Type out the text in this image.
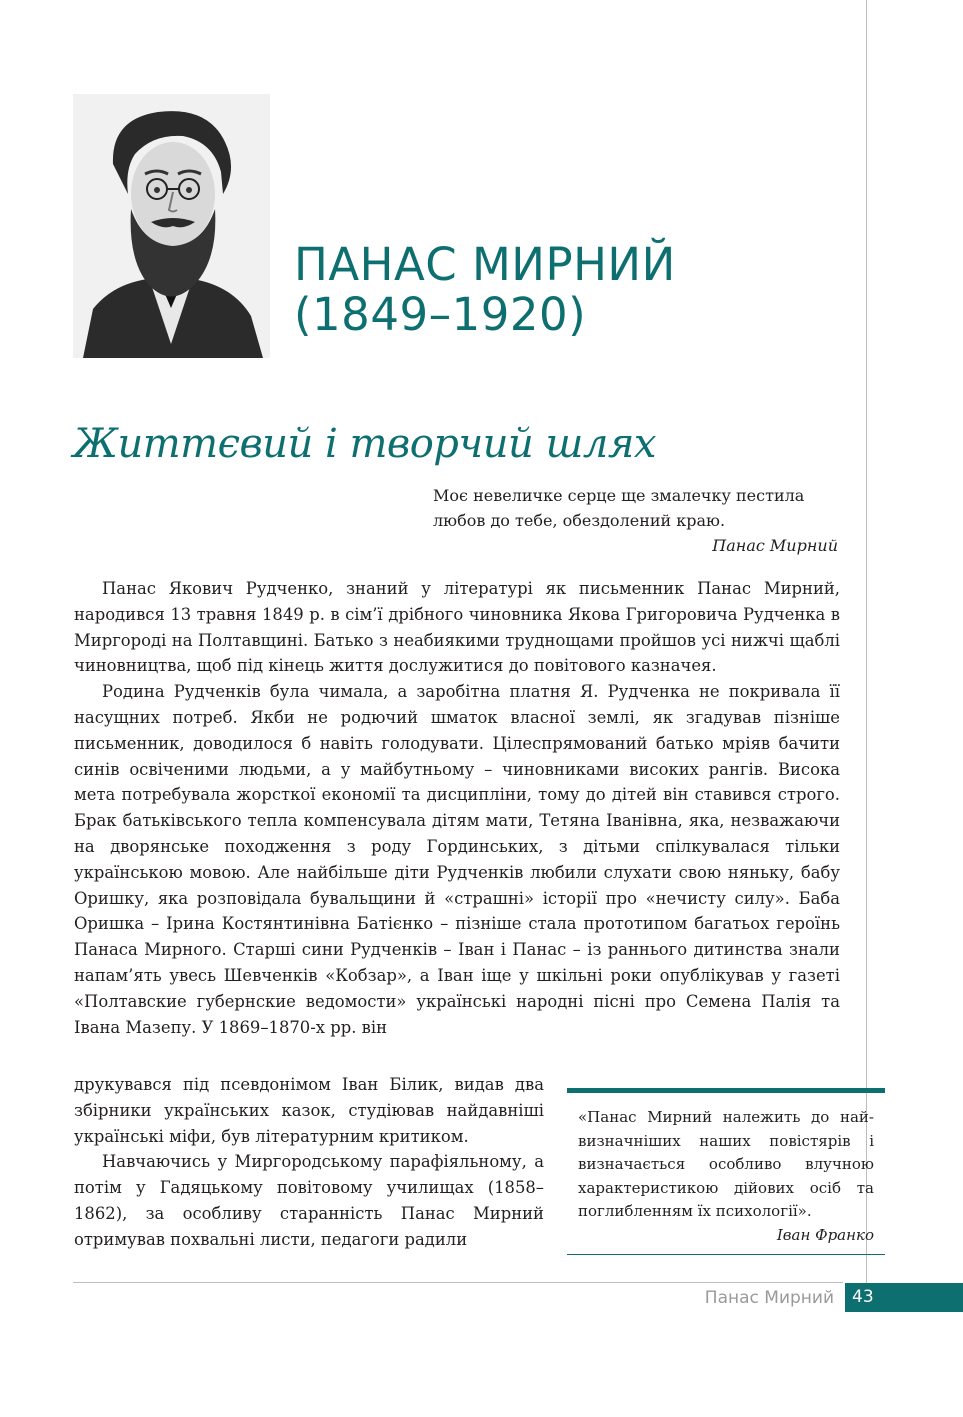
ПАНАС МИРНИЙ
(1849–1920)
Життєвий і творчий шлях
Моє невеличке серце ще змалечку пестила
любов до тебе, обездолений краю.
Панас Мирний

Панас Якович Рудченко, знаний у літературі як письменник Панас Мирний, народився 13 травня 1849 р. в сім’ї дрібного чиновника Якова Григоровича Рудченка в Миргороді на Полтавщині. Батько з неабиякими труднощами пройшов усі нижчі щаблі чиновництва, щоб під кінець життя дослужитися до повітового казначея.

Родина Рудченків була чималa, а заробітна платня Я. Рудченка не покривала її насущних потреб. Якби не родючий шматок власної землі, як згадував пізніше письменник, доводилося б навіть голодувати. Цілеспрямований батько мріяв бачити синів освіченими людьми, а у майбутньому – чиновниками високих рангів. Висока мета потребувала жорсткої економії та дисципліни, тому до дітей він ставився строго. Брак батьківського тепла компенсувала дітям мати, Тетяна Іванівна, яка, незважаючи на дворянське походження з роду Гординських, з дітьми спілкувалася тільки українською мовою. Але найбільше діти Рудченків любили слухати свою няньку, бабу Оришку, яка розповідала бувальщини й «страшні» історії про «нечисту силу». Баба Оришка – Ірина Костянтинівна Батієнко – пізніше стала прототипом багатьох героїнь Панаса Мирного. Старші сини Рудченків – Іван і Панас – із раннього дитинства знали напам’ять увесь Шевченків «Кобзар», а Іван іще у шкільні роки опублікував у газеті «Полтавские губернские ведомости» українські народні пісні про Семена Палія та Івана Мазепу. У 1869–1870-х рр. він

друкувався під псевдонімом Іван Білик, видав два збірники українських казок, студіював найдавніші українські міфи, був літературним критиком.

Навчаючись у Миргородському парафіяльному, а потім у Гадяцькому повітовому училищах (1858–1862), за особливу старанність Панас Мирний отримував похвальні листи, педагоги радили

«Панас Мирний належить до найвизначніших наших повістярів і визначається особливо влучною характеристикою дійових осіб та поглибленням їх психології».

Іван Франко

Панас Мирний 43
